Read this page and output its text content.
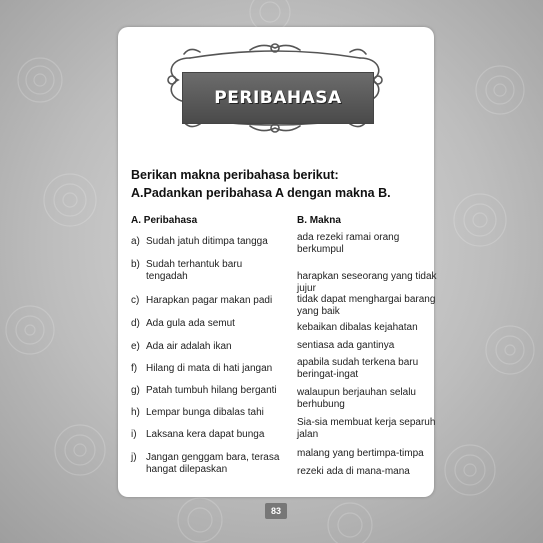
PERIBAHASA
Berikan makna peribahasa berikut:
A.Padankan peribahasa A dengan makna B.
A. Peribahasa	B. Makna
a) Sudah jatuh ditimpa tangga
b) Sudah terhantuk baru
tengadah
c) Harapkan pagar makan padi
d) Ada gula ada semut
e) Ada air adalah ikan
f) Hilang di mata di hati jangan
g) Patah tumbuh hilang berganti
h) Lempar bunga dibalas tahi
i) Laksana kera dapat bunga
j) Jangan genggam bara, terasa
hangat dilepaskan
ada rezeki ramai orang
berkumpul
harapkan seseorang yang tidak
jujur
tidak dapat menghargai barang
yang baik
kebaikan dibalas kejahatan
sentiasa ada gantinya
apabila sudah terkena baru
beringat-ingat
walaupun berjauhan selalu
berhubung
Sia-sia membuat kerja separuh
jalan
malang yang bertimpa-timpa
rezeki ada di mana-mana
83
